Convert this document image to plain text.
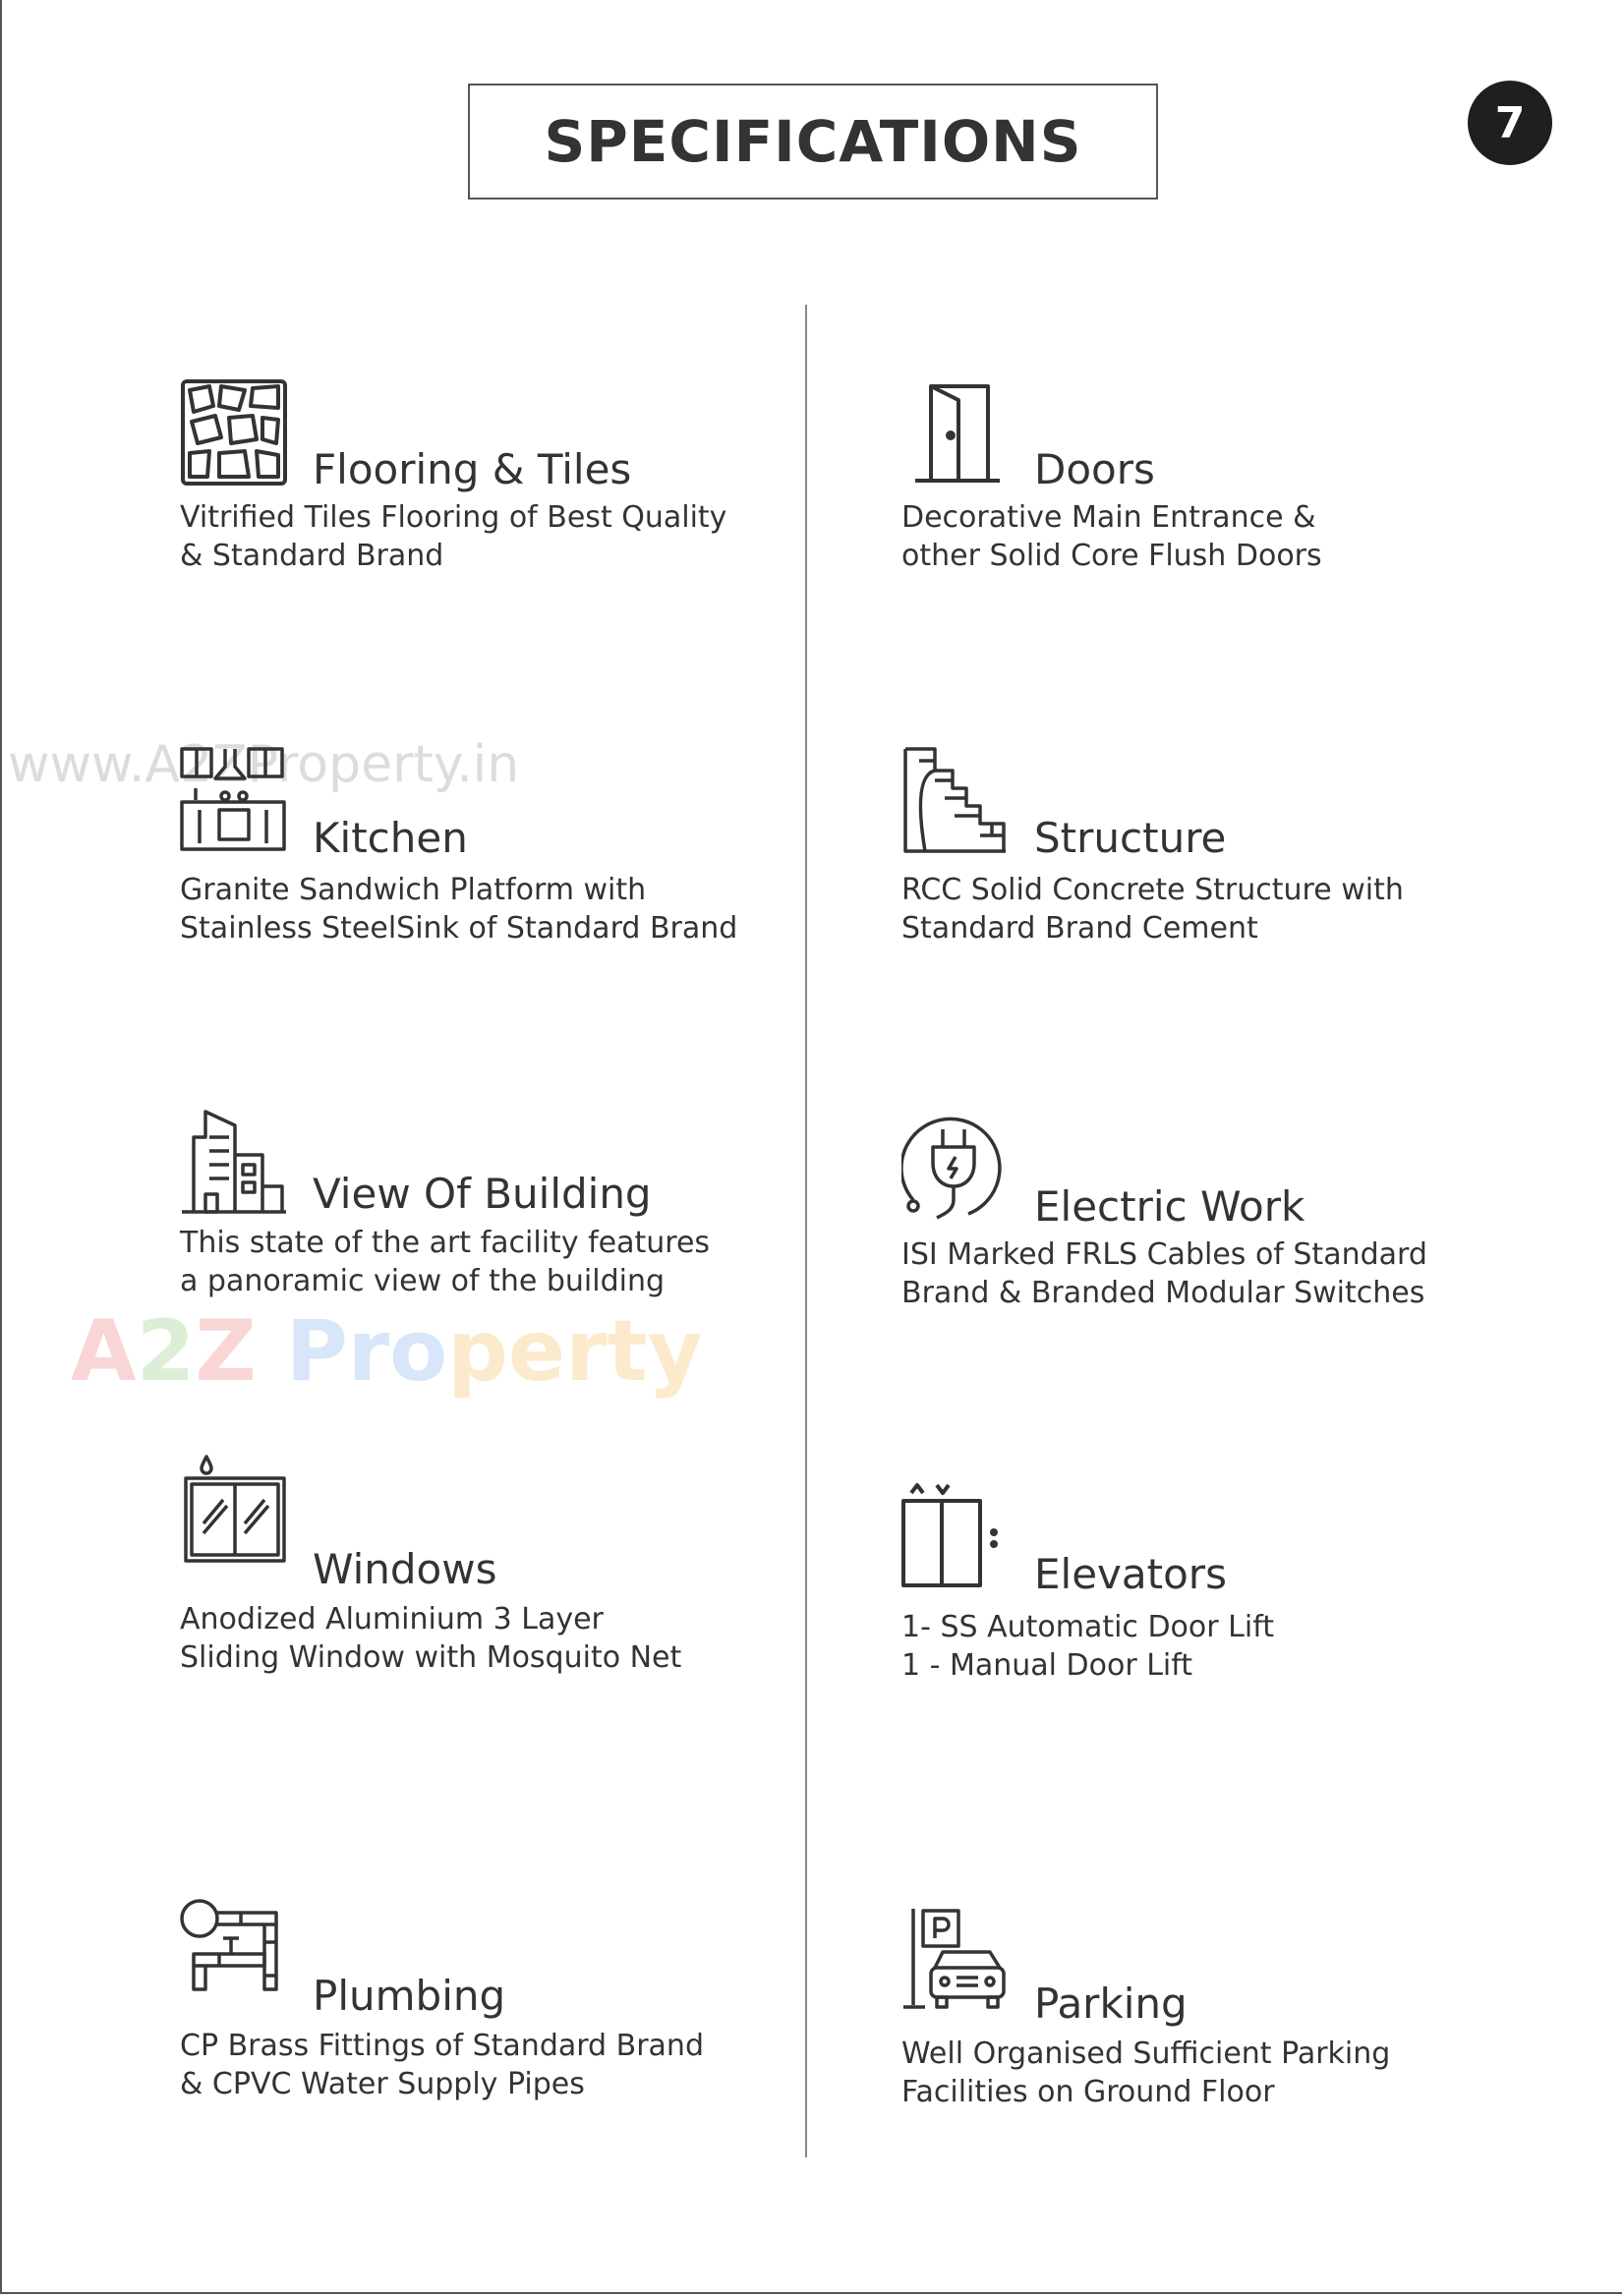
SPECIFICATIONS	7
www.A2ZProperty.in
A2Z Property
Flooring & Tiles
Vitrified Tiles Flooring of Best Quality
& Standard Brand
Doors
Decorative Main Entrance &
other Solid Core Flush Doors
Kitchen
Granite Sandwich Platform with
Stainless SteelSink of Standard Brand
Structure
RCC Solid Concrete Structure with
Standard Brand Cement
View Of Building
This state of the art facility features
a panoramic view of the building
Electric Work
ISI Marked FRLS Cables of Standard
Brand & Branded Modular Switches
Windows
Anodized Aluminium 3 Layer
Sliding Window with Mosquito Net
Elevators
1- SS Automatic Door Lift
1 - Manual Door Lift
Plumbing
CP Brass Fittings of Standard Brand
& CPVC Water Supply Pipes
Parking
Well Organised Sufficient Parking
Facilities on Ground Floor
